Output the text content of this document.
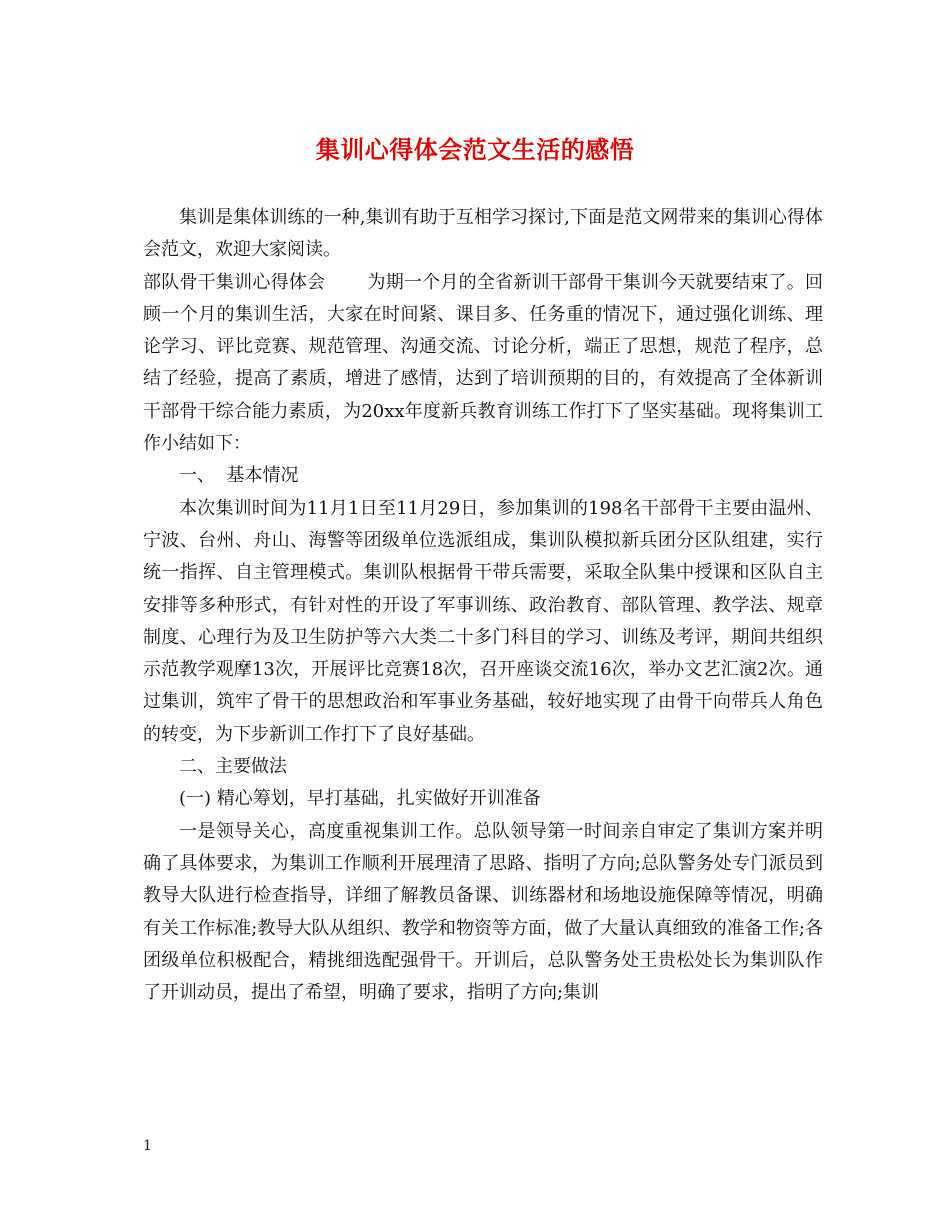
集训心得体会范文生活的感悟

集训是集体训练的一种,集训有助于互相学习探讨,下面是范文网带来的集训心得体会范文，欢迎大家阅读。

部队骨干集训心得体会 为期一个月的全省新训干部骨干集训今天就要结束了。回顾一个月的集训生活，大家在时间紧、课目多、任务重的情况下，通过强化训练、理论学习、评比竞赛、规范管理、沟通交流、讨论分析，端正了思想，规范了程序，总结了经验，提高了素质，增进了感情，达到了培训预期的目的，有效提高了全体新训干部骨干综合能力素质，为20xx年度新兵教育训练工作打下了坚实基础。现将集训工作小结如下：

一、  基本情况

本次集训时间为11月1日至11月29日，参加集训的198名干部骨干主要由温州、宁波、台州、舟山、海警等团级单位选派组成，集训队模拟新兵团分区队组建，实行统一指挥、自主管理模式。集训队根据骨干带兵需要，采取全队集中授课和区队自主安排等多种形式，有针对性的开设了军事训练、政治教育、部队管理、教学法、规章制度、心理行为及卫生防护等六大类二十多门科目的学习、训练及考评，期间共组织示范教学观摩13次，开展评比竞赛18次，召开座谈交流16次，举办文艺汇演2次。通过集训，筑牢了骨干的思想政治和军事业务基础，较好地实现了由骨干向带兵人角色的转变，为下步新训工作打下了良好基础。

二、主要做法

(一) 精心筹划，早打基础，扎实做好开训准备

一是领导关心，高度重视集训工作。总队领导第一时间亲自审定了集训方案并明确了具体要求，为集训工作顺利开展理清了思路、指明了方向;总队警务处专门派员到教导大队进行检查指导，详细了解教员备课、训练器材和场地设施保障等情况，明确有关工作标准;教导大队从组织、教学和物资等方面，做了大量认真细致的准备工作;各团级单位积极配合，精挑细选配强骨干。开训后，总队警务处王贵松处长为集训队作了开训动员，提出了希望，明确了要求，指明了方向;集训

1
